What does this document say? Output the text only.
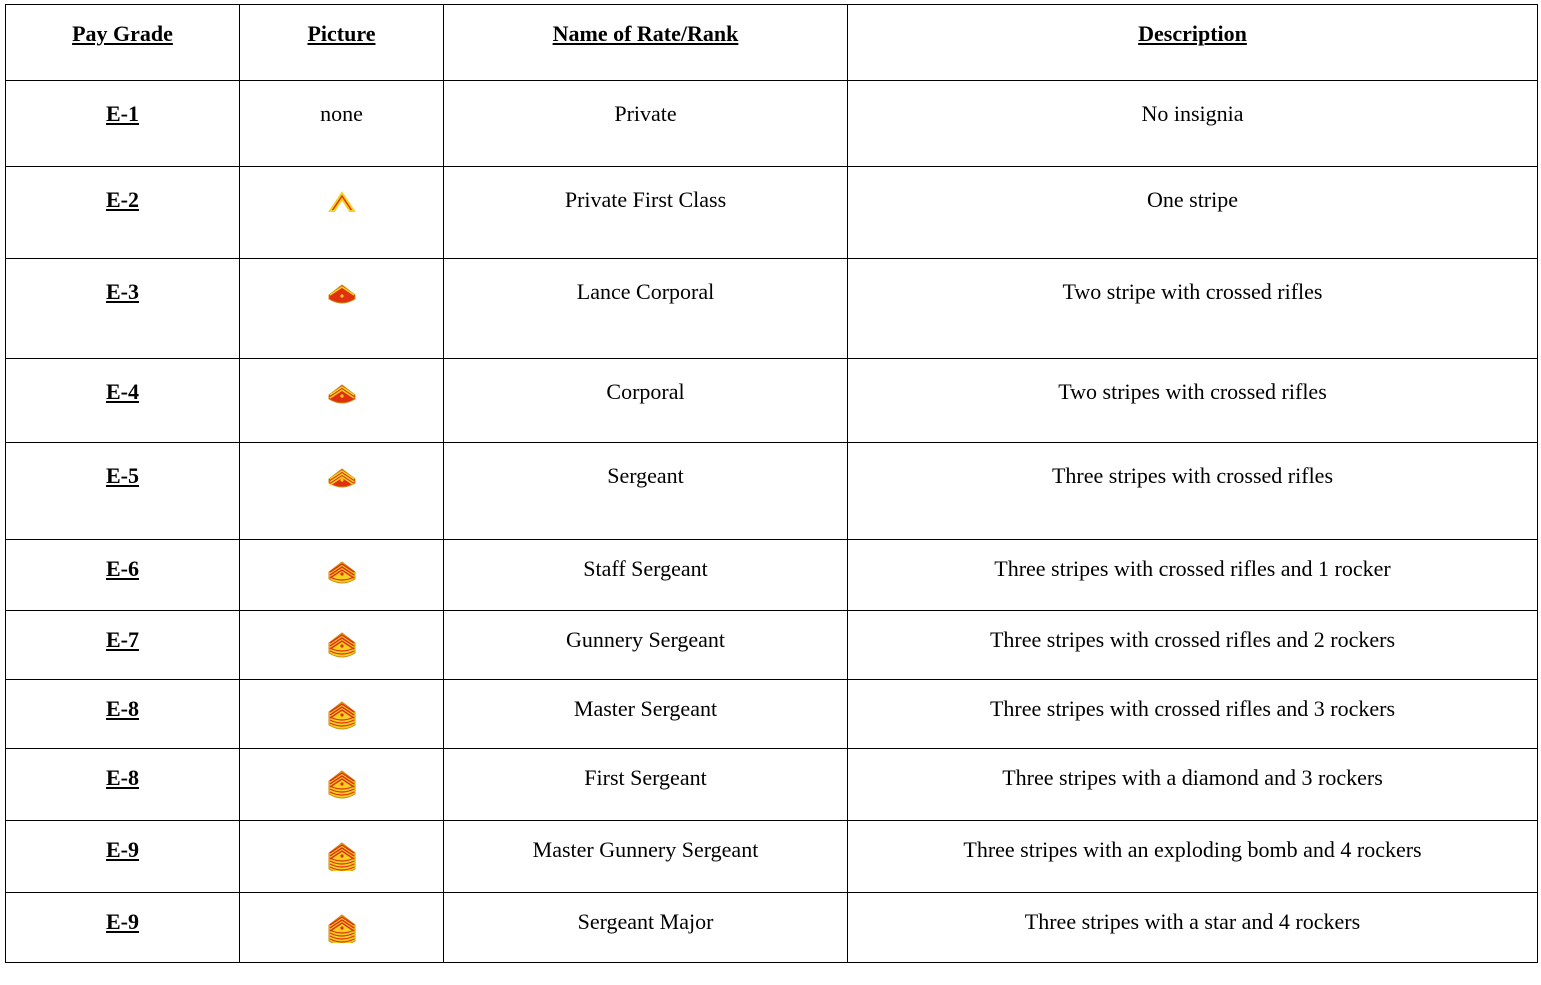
Pay Grade	Picture	Name of Rate/Rank	Description

E-1	none	Private	No insignia

E-2		Private First Class	One stripe

E-3		Lance Corporal	Two stripe with crossed rifles

E-4		Corporal	Two stripes with crossed rifles

E-5		Sergeant	Three stripes with crossed rifles

E-6		Staff Sergeant	Three stripes with crossed rifles and 1 rocker

E-7		Gunnery Sergeant	Three stripes with crossed rifles and 2 rockers

E-8		Master Sergeant	Three stripes with crossed rifles and 3 rockers

E-8		First Sergeant	Three stripes with a diamond and 3 rockers

E-9		Master Gunnery Sergeant	Three stripes with an exploding bomb and 4 rockers

E-9		Sergeant Major	Three stripes with a star and 4 rockers
